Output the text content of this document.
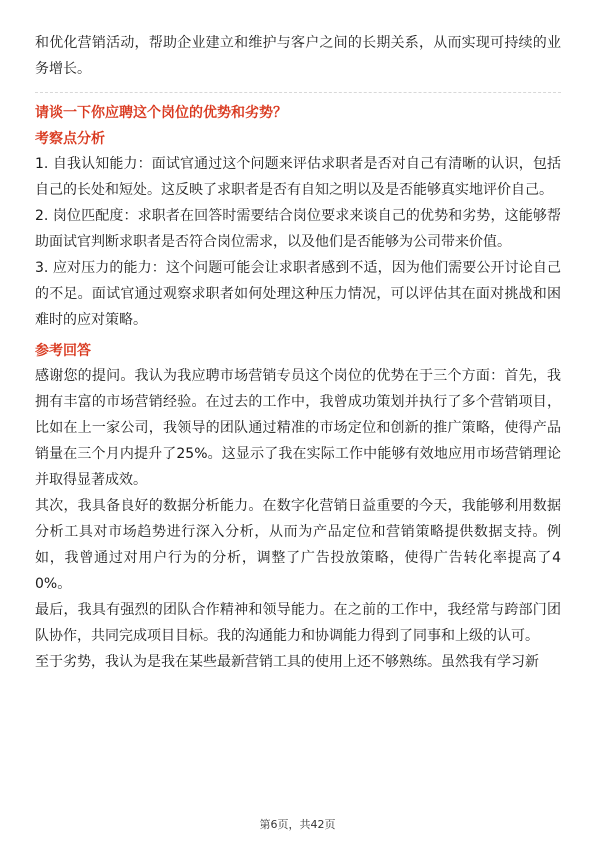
和优化营销活动，帮助企业建立和维护与客户之间的长期关系，从而实现可持续的业务增长。

请谈一下你应聘这个岗位的优势和劣势？

考察点分析

1. 自我认知能力：面试官通过这个问题来评估求职者是否对自己有清晰的认识，包括自己的长处和短处。这反映了求职者是否有自知之明以及是否能够真实地评价自己。

2. 岗位匹配度：求职者在回答时需要结合岗位要求来谈自己的优势和劣势，这能够帮助面试官判断求职者是否符合岗位需求，以及他们是否能够为公司带来价值。

3. 应对压力的能力：这个问题可能会让求职者感到不适，因为他们需要公开讨论自己的不足。面试官通过观察求职者如何处理这种压力情况，可以评估其在面对挑战和困难时的应对策略。

参考回答

感谢您的提问。我认为我应聘市场营销专员这个岗位的优势在于三个方面：首先，我拥有丰富的市场营销经验。在过去的工作中，我曾成功策划并执行了多个营销项目，比如在上一家公司，我领导的团队通过精准的市场定位和创新的推广策略，使得产品销量在三个月内提升了25%。这显示了我在实际工作中能够有效地应用市场营销理论并取得显著成效。

其次，我具备良好的数据分析能力。在数字化营销日益重要的今天，我能够利用数据分析工具对市场趋势进行深入分析，从而为产品定位和营销策略提供数据支持。例如，我曾通过对用户行为的分析，调整了广告投放策略，使得广告转化率提高了40%。

最后，我具有强烈的团队合作精神和领导能力。在之前的工作中，我经常与跨部门团队协作，共同完成项目目标。我的沟通能力和协调能力得到了同事和上级的认可。

至于劣势，我认为是我在某些最新营销工具的使用上还不够熟练。虽然我有学习新

第6页，共42页
